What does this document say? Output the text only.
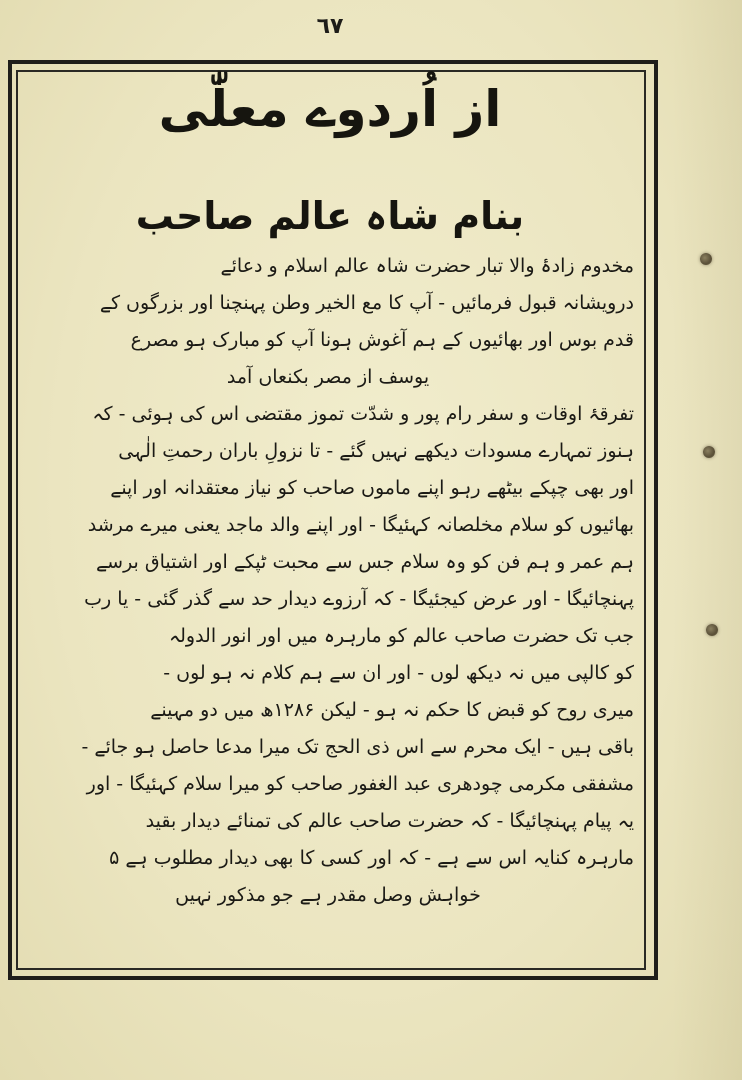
٦٧
از اُردوے معلّٰی
بنام شاہ عالم صاحب
مخدوم زادۂ والا تبار حضرت شاہ عالم اسلام و دعائے
درویشانہ قبول فرمائیں - آپ کا مع الخیر وطن پہنچنا اور بزرگوں کے
قدم بوس اور بھائیوں کے ہم آغوش ہونا آپ کو مبارک ہو مصرع
یوسف از مصر بکنعاں آمد
تفرقۂ اوقات و سفر رام پور و شدّت تموز مقتضی اس کی ہوئی - کہ
ہنوز تمہارے مسودات دیکھے نہیں گئے - تا نزولِ باران رحمتِ الٰہی
اور بھی چپکے بیٹھے رہو اپنے ماموں صاحب کو نیاز معتقدانہ اور اپنے
بھائیوں کو سلام مخلصانہ کہئیگا - اور اپنے والد ماجد یعنی میرے مرشد
ہم عمر و ہم فن کو وہ سلام جس سے محبت ٹپکے اور اشتیاق برسے
پہنچائیگا - اور عرض کیجئیگا - کہ آرزوے دیدار حد سے گذر گئی - یا رب
جب تک حضرت صاحب عالم کو مارہرہ میں اور انور الدولہ
کو کالپی میں نہ دیکھ لوں - اور ان سے ہم کلام نہ ہو لوں -
میری روح کو قبض کا حکم نہ ہو - لیکن ۱۲۸۶ھ میں دو مہینے
باقی ہیں - ایک محرم سے اس ذی الحج تک میرا مدعا حاصل ہو جائے -
مشفقی مکرمی چودھری عبد الغفور صاحب کو میرا سلام کہئیگا - اور
یہ پیام پہنچائیگا - کہ حضرت صاحب عالم کی تمنائے دیدار بقید
مارہرہ کنایہ اس سے ہے - کہ اور کسی کا بھی دیدار مطلوب ہے ۵
خواہش وصل مقدر ہے جو مذکور نہیں
